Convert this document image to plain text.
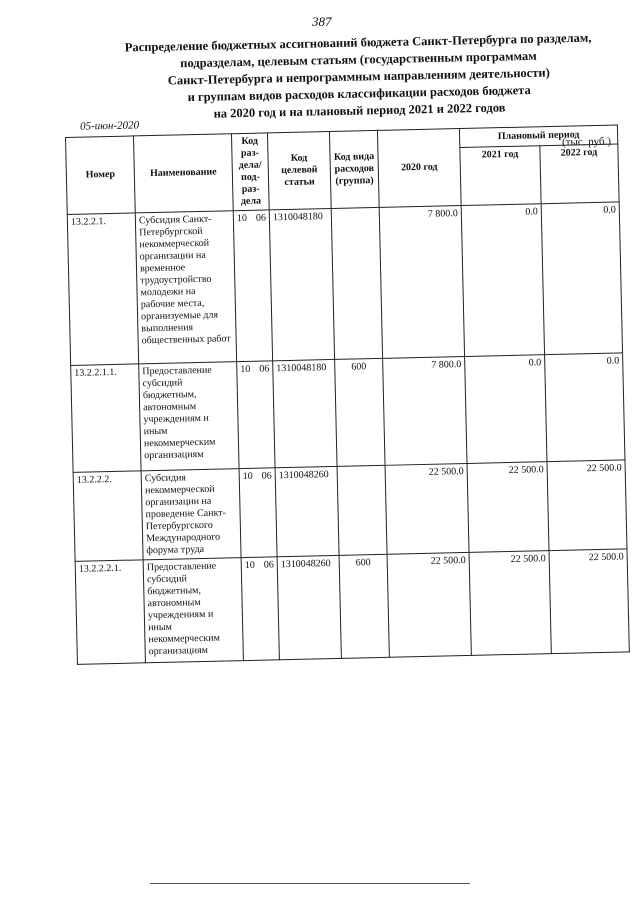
387
Распределение бюджетных ассигнований бюджета Санкт-Петербурга по разделам,
подразделам, целевым статьям (государственным программам
Санкт-Петербурга и непрограммным направлениям деятельности)
и группам видов расходов классификации расходов бюджета
на 2020 год и на плановый период 2021 и 2022 годов
05-июн-2020
(тыс. руб.)
Номер	Наименование	Код раз- дела/ под- раз- дела	Код целевой статьи	Код вида расходов (группа)	2020 год	Плановый период	
						2021 год	2022 год
13.2.2.1.	Субсидия Санкт-Петербургской некоммерческой организации на временное трудоустройство молодежи на рабочие места, организуемые для выполнения общественных работ	10 06	1310048180		7 800.0	0.0	0.0
13.2.2.1.1.	Предоставление субсидий бюджетным, автономным учреждениям и иным некоммерческим организациям	10 06	1310048180	600	7 800.0	0.0	0.0
13.2.2.2.	Субсидия некоммерческой организации на проведение Санкт-Петербургского Международного форума труда	10 06	1310048260		22 500.0	22 500.0	22 500.0
13.2.2.2.1.	Предоставление субсидий бюджетным, автономным учреждениям и иным некоммерческим организациям	10 06	1310048260	600	22 500.0	22 500.0	22 500.0
